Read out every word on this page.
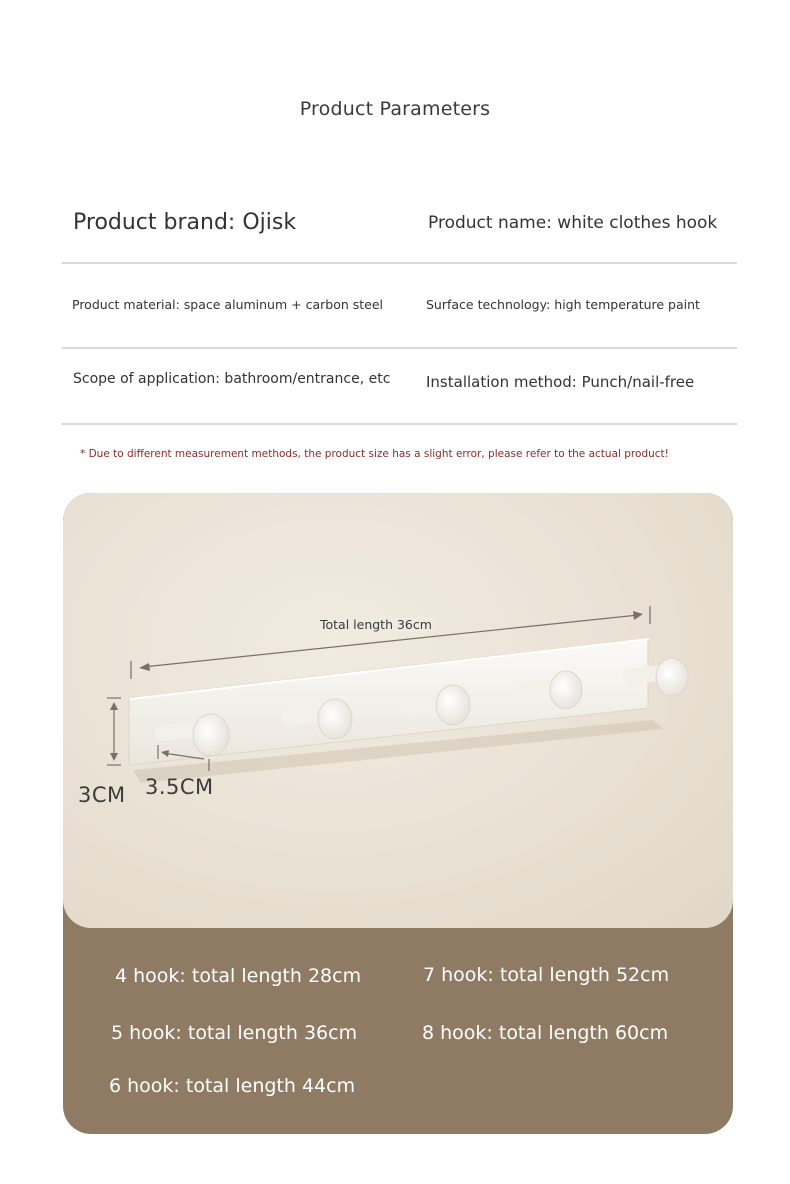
Product Parameters
Product brand: Ojisk	Product name: white clothes hook
Product material: space aluminum + carbon steel	Surface technology: high temperature paint
Scope of application: bathroom/entrance, etc Installation method: Punch/nail-free
* Due to different measurement methods, the product size has a slight error, please refer to the actual product!
Total length 36cm
3CM 3.5CM
4 hook: total length 28cm
5 hook: total length 36cm
6 hook: total length 44cm
7 hook: total length 52cm
8 hook: total length 60cm
